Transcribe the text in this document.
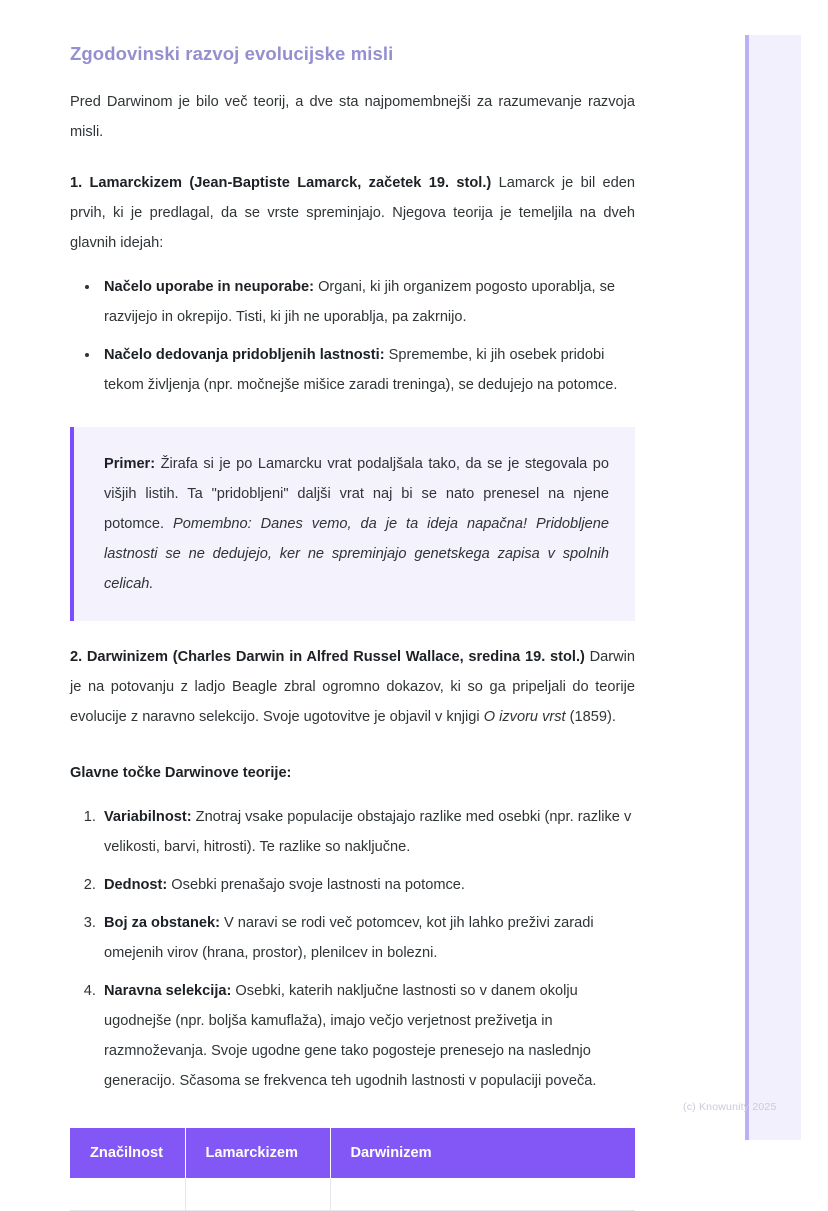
Zgodovinski razvoj evolucijske misli

Pred Darwinom je bilo več teorij, a dve sta najpomembnejši za razumevanje razvoja misli.

1. Lamarckizem (Jean-Baptiste Lamarck, začetek 19. stol.) Lamarck je bil eden prvih, ki je predlagal, da se vrste spreminjajo. Njegova teorija je temeljila na dveh glavnih idejah:

• Načelo uporabe in neuporabe: Organi, ki jih organizem pogosto uporablja, se razvijejo in okrepijo. Tisti, ki jih ne uporablja, pa zakrnijo.
• Načelo dedovanja pridobljenih lastnosti: Spremembe, ki jih osebek pridobi tekom življenja (npr. močnejše mišice zaradi treninga), se dedujejo na potomce.

Primer: Žirafa si je po Lamarcku vrat podaljšala tako, da se je stegovala po višjih listih. Ta "pridobljeni" daljši vrat naj bi se nato prenesel na njene potomce. Pomembno: Danes vemo, da je ta ideja napačna! Pridobljene lastnosti se ne dedujejo, ker ne spreminjajo genetskega zapisa v spolnih celicah.

2. Darwinizem (Charles Darwin in Alfred Russel Wallace, sredina 19. stol.) Darwin je na potovanju z ladjo Beagle zbral ogromno dokazov, ki so ga pripeljali do teorije evolucije z naravno selekcijo. Svoje ugotovitve je objavil v knjigi O izvoru vrst (1859).

Glavne točke Darwinove teorije:

1. Variabilnost: Znotraj vsake populacije obstajajo razlike med osebki (npr. razlike v velikosti, barvi, hitrosti). Te razlike so naključne.
2. Dednost: Osebki prenašajo svoje lastnosti na potomce.
3. Boj za obstanek: V naravi se rodi več potomcev, kot jih lahko preživi zaradi omejenih virov (hrana, prostor), plenilcev in bolezni.
4. Naravna selekcija: Osebki, katerih naključne lastnosti so v danem okolju ugodnejše (npr. boljša kamuflaža), imajo večjo verjetnost preživetja in razmnoževanja. Svoje ugodne gene tako pogosteje prenesejo na naslednjo generacijo. Sčasoma se frekvenca teh ugodnih lastnosti v populaciji poveča.
Značilnost	Lamarckizem	Darwinizem

(c) Knowunity 2025
